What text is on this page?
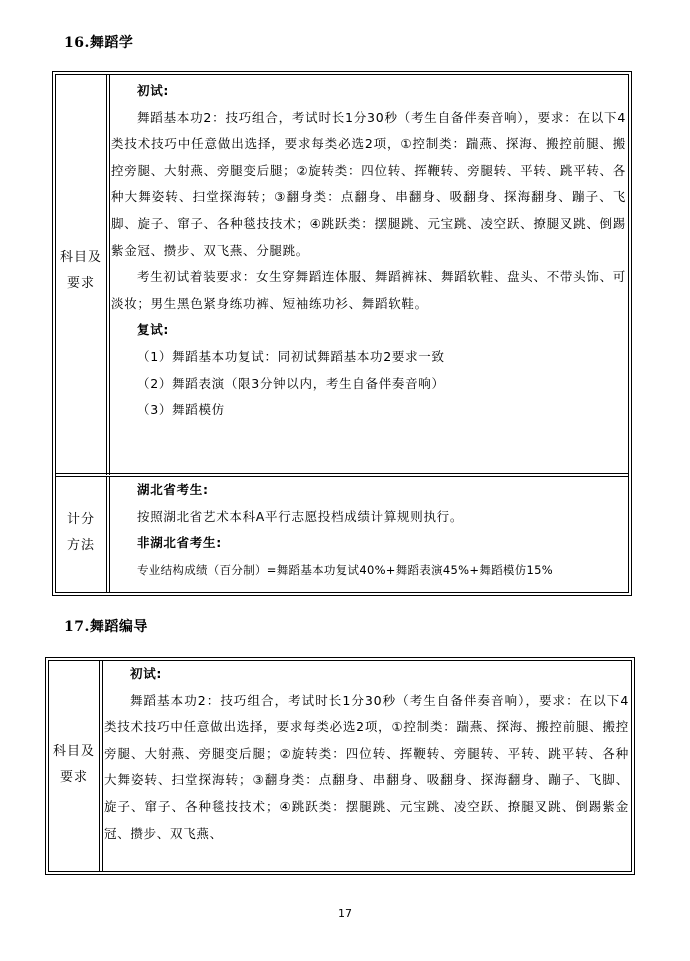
16.舞蹈学
科目及
要求
计分
方法

初试:

舞蹈基本功2：技巧组合，考试时长1分30秒（考生自备伴奏音响），要求：在以下4类技术技巧中任意做出选择，要求每类必选2项，①控制类：踹燕、探海、搬控前腿、搬控旁腿、大射燕、旁腿变后腿；②旋转类：四位转、挥鞭转、旁腿转、平转、跳平转、各种大舞姿转、扫堂探海转；③翻身类：点翻身、串翻身、吸翻身、探海翻身、蹦子、飞脚、旋子、窜子、各种毯技技术；④跳跃类：摆腿跳、元宝跳、凌空跃、撩腿叉跳、倒踢紫金冠、攒步、双飞燕、分腿跳。

考生初试着装要求：女生穿舞蹈连体服、舞蹈裤袜、舞蹈软鞋、盘头、不带头饰、可淡妆；男生黑色紧身练功裤、短袖练功衫、舞蹈软鞋。

复试:

（1）舞蹈基本功复试：同初试舞蹈基本功2要求一致

（2）舞蹈表演（限3分钟以内，考生自备伴奏音响）

（3）舞蹈模仿

湖北省考生:

按照湖北省艺术本科A平行志愿投档成绩计算规则执行。

非湖北省考生:

专业结构成绩（百分制）=舞蹈基本功复试40%+舞蹈表演45%+舞蹈模仿15%

17.舞蹈编导
科目及
要求

初试:

舞蹈基本功2：技巧组合，考试时长1分30秒（考生自备伴奏音响），要求：在以下4类技术技巧中任意做出选择，要求每类必选2项，①控制类：踹燕、探海、搬控前腿、搬控旁腿、大射燕、旁腿变后腿；②旋转类：四位转、挥鞭转、旁腿转、平转、跳平转、各种大舞姿转、扫堂探海转；③翻身类：点翻身、串翻身、吸翻身、探海翻身、蹦子、飞脚、旋子、窜子、各种毯技技术；④跳跃类：摆腿跳、元宝跳、凌空跃、撩腿叉跳、倒踢紫金冠、攒步、双飞燕、

17
